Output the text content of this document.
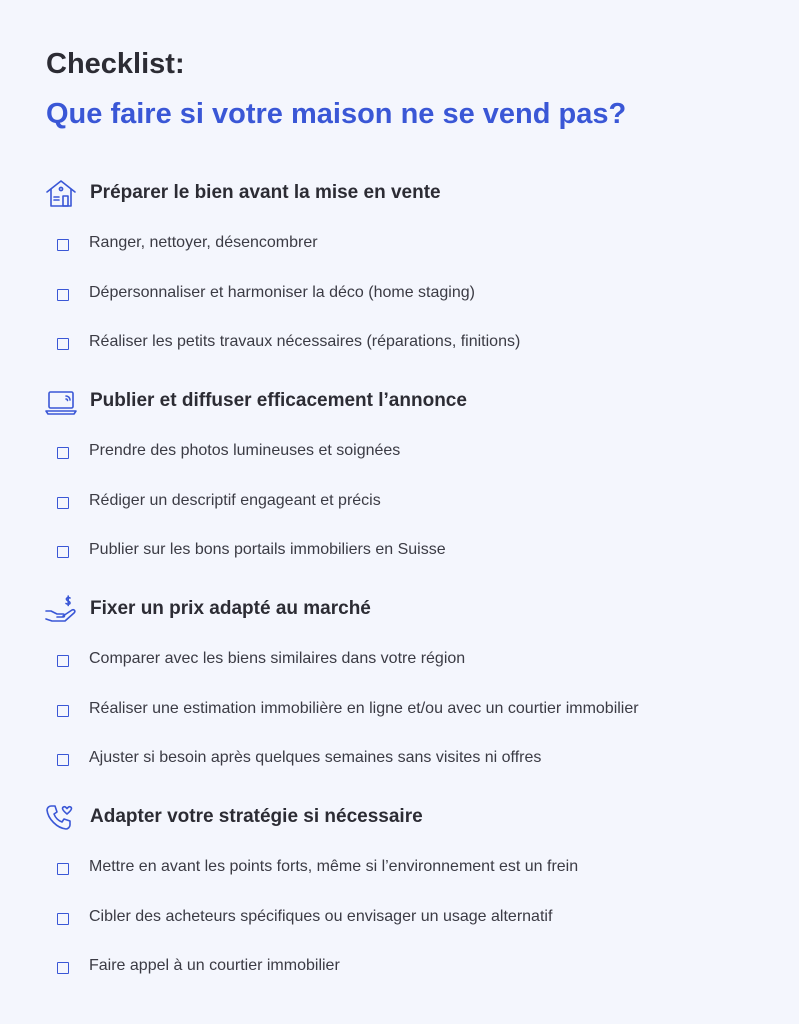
Checklist:
Que faire si votre maison ne se vend pas?
Préparer le bien avant la mise en vente
Ranger, nettoyer, désencombrer
Dépersonnaliser et harmoniser la déco (home staging)
Réaliser les petits travaux nécessaires (réparations, finitions)
Publier et diffuser efficacement l’annonce
Prendre des photos lumineuses et soignées
Rédiger un descriptif engageant et précis
Publier sur les bons portails immobiliers en Suisse
Fixer un prix adapté au marché
Comparer avec les biens similaires dans votre région
Réaliser une estimation immobilière en ligne et/ou avec un courtier immobilier
Ajuster si besoin après quelques semaines sans visites ni offres
Adapter votre stratégie si nécessaire
Mettre en avant les points forts, même si l’environnement est un frein
Cibler des acheteurs spécifiques ou envisager un usage alternatif
Faire appel à un courtier immobilier
